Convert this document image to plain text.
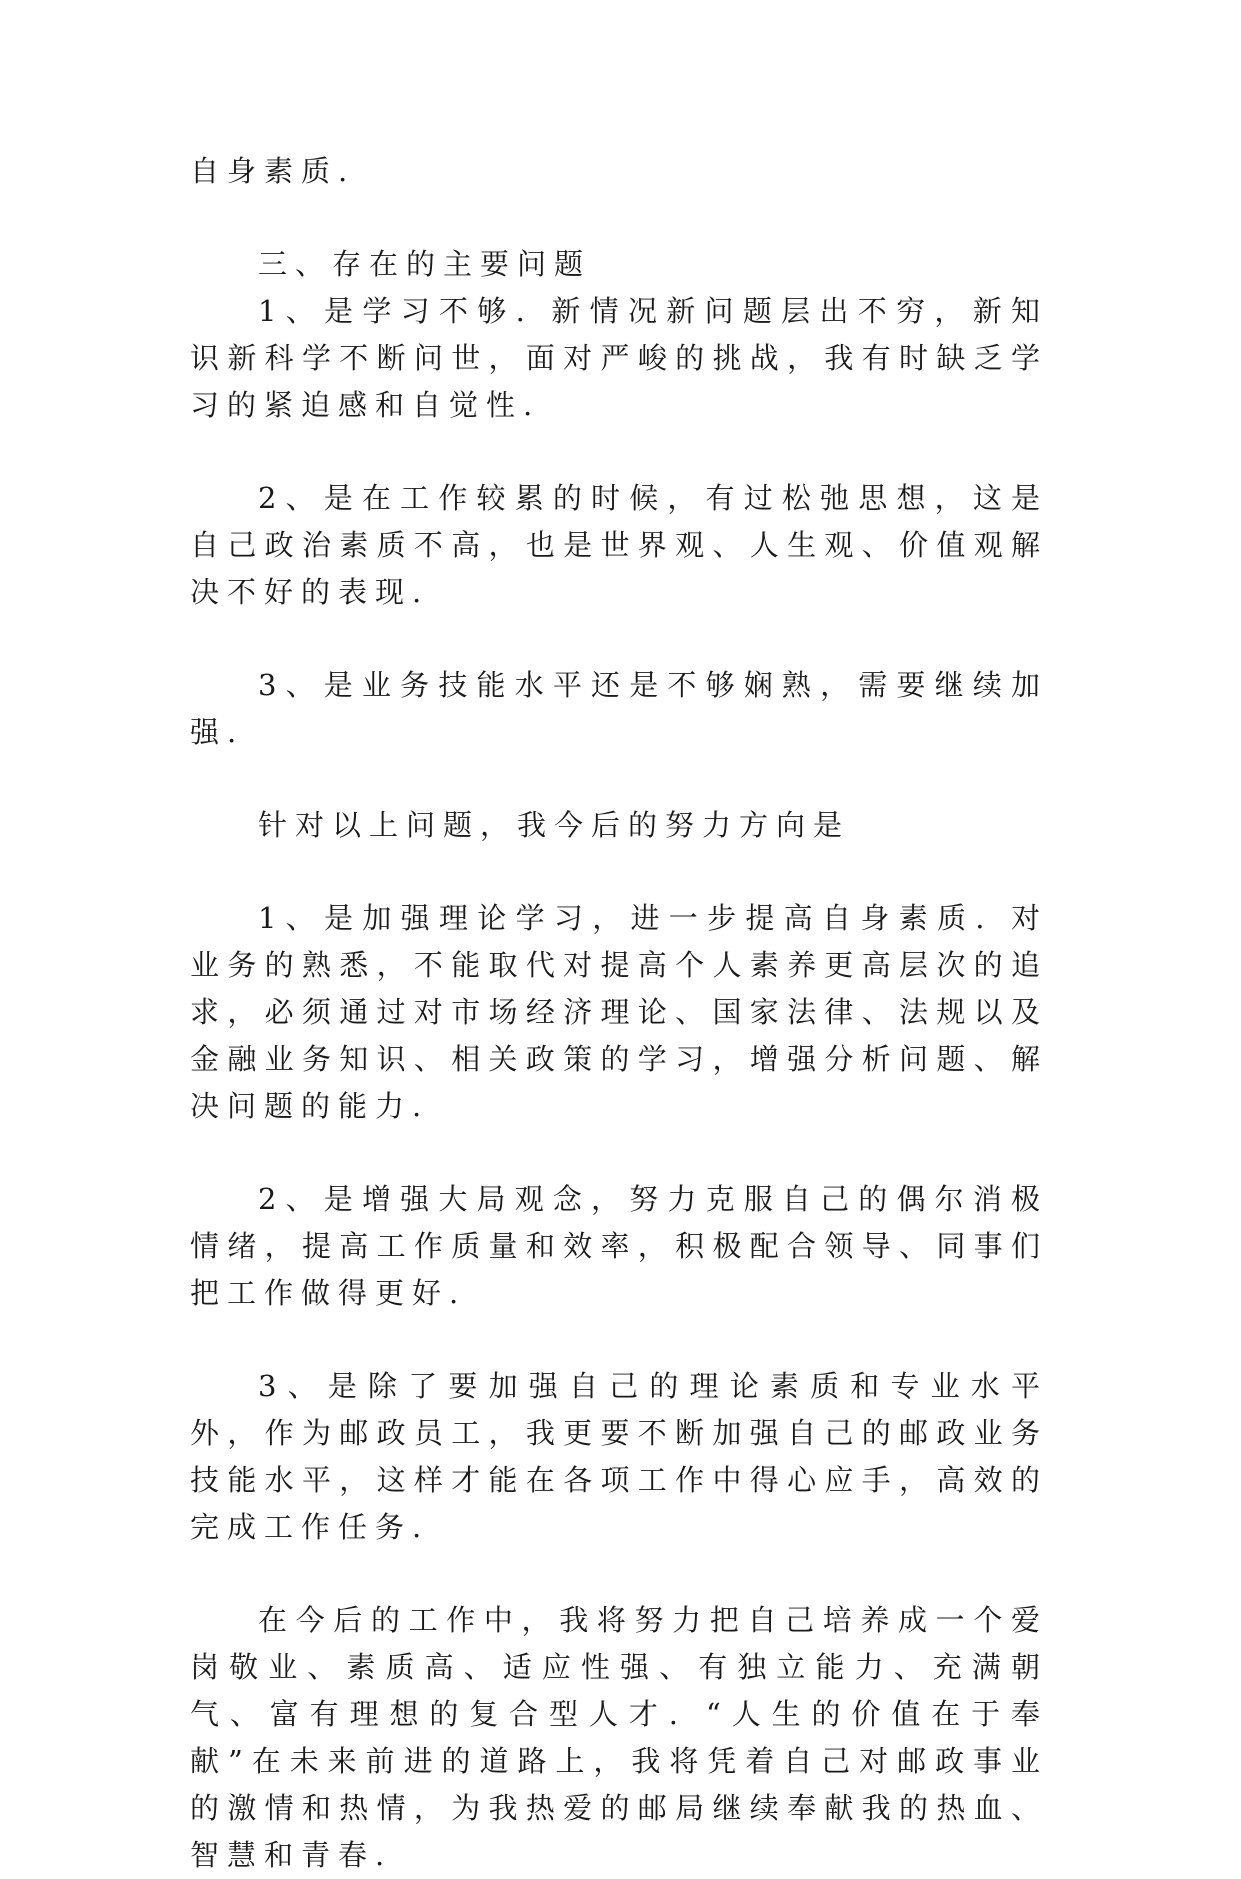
自身素质.

三、存在的主要问题

1、是学习不够. 新情况新问题层出不穷，新知识新科学不断问世，面对严峻的挑战，我有时缺乏学习的紧迫感和自觉性.

2、是在工作较累的时候，有过松弛思想，这是自己政治素质不高，也是世界观、人生观、价值观解决不好的表现.

3、是业务技能水平还是不够娴熟，需要继续加强.

针对以上问题，我今后的努力方向是

1、是加强理论学习，进一步提高自身素质. 对业务的熟悉，不能取代对提高个人素养更高层次的追求，必须通过对市场经济理论、国家法律、法规以及金融业务知识、相关政策的学习，增强分析问题、解决问题的能力.

2、是增强大局观念，努力克服自己的偶尔消极情绪，提高工作质量和效率，积极配合领导、同事们把工作做得更好.

3、是除了要加强自己的理论素质和专业水平外，作为邮政员工，我更要不断加强自己的邮政业务技能水平，这样才能在各项工作中得心应手，高效的完成工作任务.

在今后的工作中，我将努力把自己培养成一个爱岗敬业、素质高、适应性强、有独立能力、充满朝气、富有理想的复合型人才. “人生的价值在于奉献”在未来前进的道路上，我将凭着自己对邮政事业的激情和热情，为我热爱的邮局继续奉献我的热血、智慧和青春.
